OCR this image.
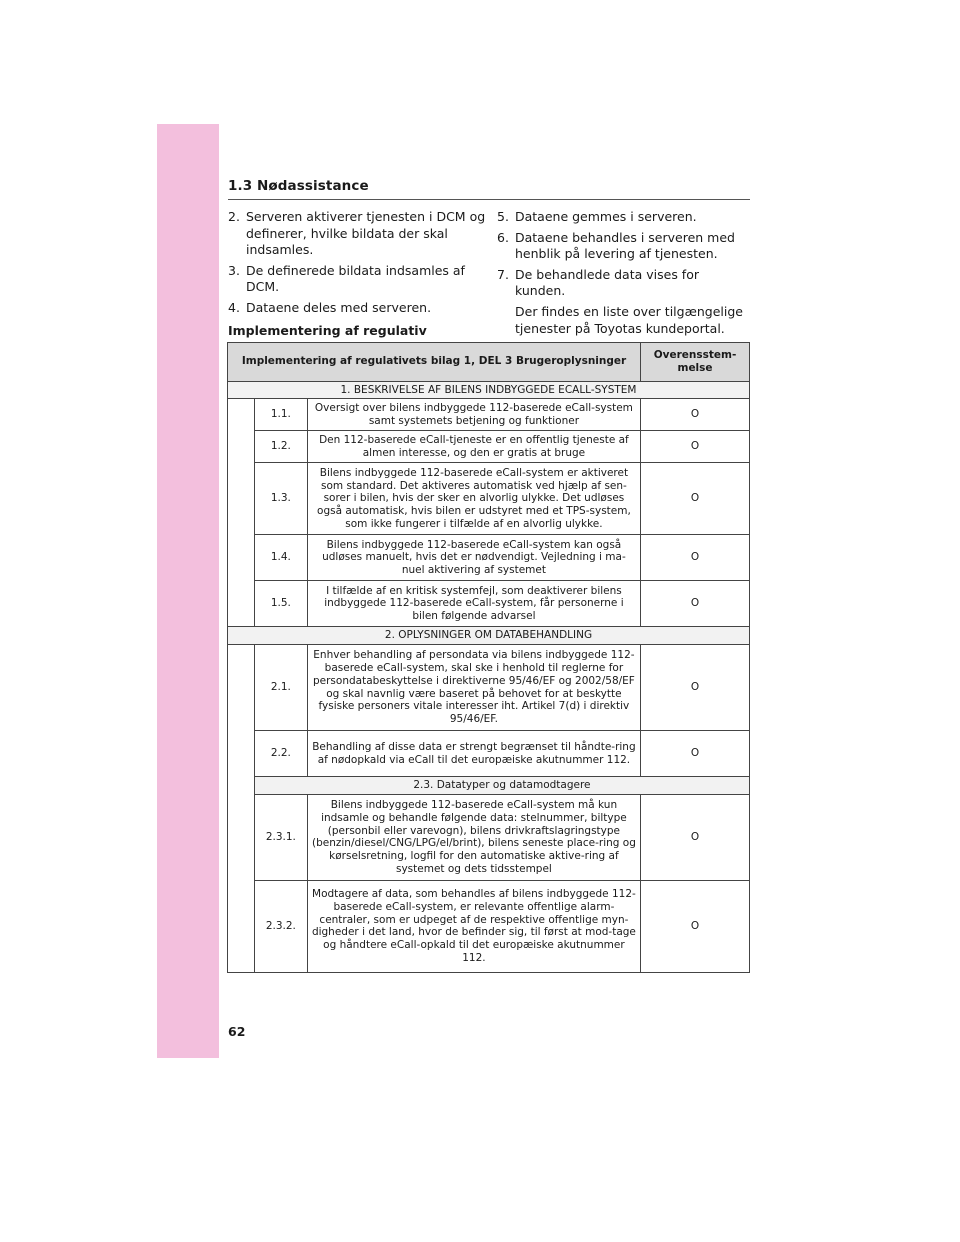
1.3 Nødassistance
2. Serveren aktiverer tjenesten i DCM og definerer, hvilke bildata der skal indsamles.
3. De definerede bildata indsamles af DCM.
4. Dataene deles med serveren.
5. Dataene gemmes i serveren.
6. Dataene behandles i serveren med henblik på levering af tjenesten.
7. De behandlede data vises for kunden.
Der findes en liste over tilgængelige tjenester på Toyotas kundeportal.
Implementering af regulativ
Implementering af regulativets bilag 1, DEL 3 Brugeroplysninger			Overensstem-melse
1. BESKRIVELSE AF BILENS INDBYGGEDE ECALL-SYSTEM			
	1.1.	Oversigt over bilens indbyggede 112-baserede eCall-system samt systemets betjening og funktioner	O
	1.2.	Den 112-baserede eCall-tjeneste er en offentlig tjeneste af almen interesse, og den er gratis at bruge	O
	1.3.	Bilens indbyggede 112-baserede eCall-system er aktiveret som standard. Det aktiveres automatisk ved hjælp af sen-sorer i bilen, hvis der sker en alvorlig ulykke. Det udløses også automatisk, hvis bilen er udstyret med et TPS-system, som ikke fungerer i tilfælde af en alvorlig ulykke.	O
	1.4.	Bilens indbyggede 112-baserede eCall-system kan også udløses manuelt, hvis det er nødvendigt. Vejledning i ma-nuel aktivering af systemet	O
	1.5.	I tilfælde af en kritisk systemfejl, som deaktiverer bilens indbyggede 112-baserede eCall-system, får personerne i bilen følgende advarsel	O
2. OPLYSNINGER OM DATABEHANDLING			
	2.1.	Enhver behandling af persondata via bilens indbyggede 112-baserede eCall-system, skal ske i henhold til reglerne for persondatabeskyttelse i direktiverne 95/46/EF og 2002/58/EF og skal navnlig være baseret på behovet for at beskytte fysiske personers vitale interesser iht. Artikel 7(d) i direktiv 95/46/EF.	O
	2.2.	Behandling af disse data er strengt begrænset til håndte-ring af nødopkald via eCall til det europæiske akutnummer 112.	O
	2.3. Datatyper og datamodtagere		
	2.3.1.	Bilens indbyggede 112-baserede eCall-system må kun indsamle og behandle følgende data: stelnummer, biltype (personbil eller varevogn), bilens drivkraftslagringstype (benzin/diesel/CNG/LPG/el/brint), bilens seneste place-ring og kørselsretning, logfil for den automatiske aktive-ring af systemet og dets tidsstempel	O
	2.3.2.	Modtagere af data, som behandles af bilens indbyggede 112-baserede eCall-system, er relevante offentlige alarm-centraler, som er udpeget af de respektive offentlige myn-digheder i det land, hvor de befinder sig, til først at mod-tage og håndtere eCall-opkald til det europæiske akutnummer 112.	O
62
